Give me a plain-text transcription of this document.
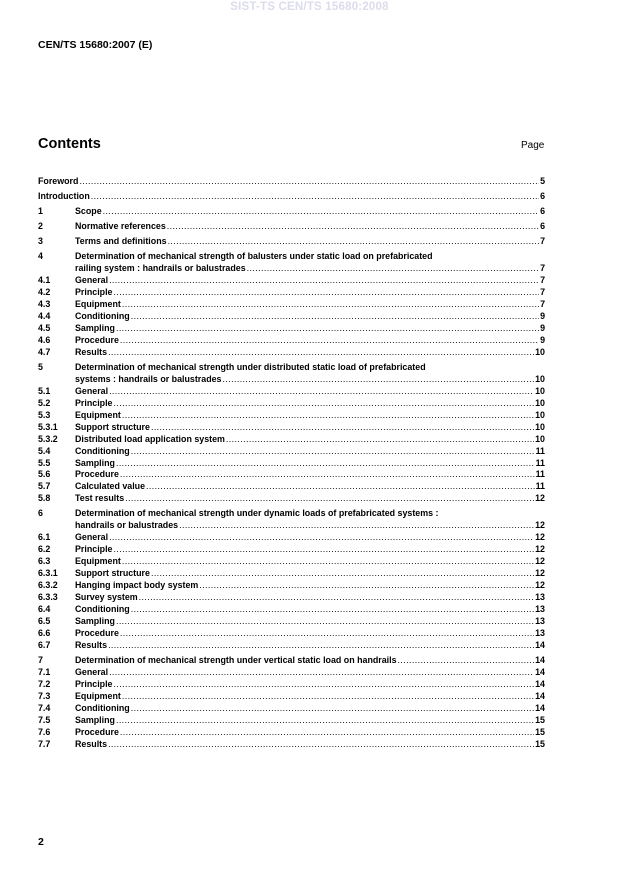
SIST-TS CEN/TS 15680:2008
CEN/TS 15680:2007 (E)
Contents	Page
Foreword .....	5
Introduction .....	6
1	Scope .....	6
2	Normative references .....	6
3	Terms and definitions .....	7
4	Determination of mechanical strength of balusters under static load on prefabricated
railing system : handrails or balustrades .....	7
4.1	General .....	7
4.2	Principle .....	7
4.3	Equipment .....	7
4.4	Conditioning .....	9
4.5	Sampling .....	9
4.6	Procedure .....	9
4.7	Results .....	10
5	Determination of mechanical strength under distributed static load of prefabricated
systems : handrails or balustrades .....	10
5.1	General .....	10
5.2	Principle .....	10
5.3	Equipment .....	10
5.3.1	Support structure .....	10
5.3.2	Distributed load application system .....	10
5.4	Conditioning .....	11
5.5	Sampling .....	11
5.6	Procedure .....	11
5.7	Calculated value .....	11
5.8	Test results .....	12
6	Determination of mechanical strength under dynamic loads of prefabricated systems :
handrails or balustrades .....	12
6.1	General .....	12
6.2	Principle .....	12
6.3	Equipment .....	12
6.3.1	Support structure .....	12
6.3.2	Hanging impact body system .....	12
6.3.3	Survey system .....	13
6.4	Conditioning .....	13
6.5	Sampling .....	13
6.6	Procedure .....	13
6.7	Results .....	14
7	Determination of mechanical strength under vertical static load on handrails .....	14
7.1	General .....	14
7.2	Principle .....	14
7.3	Equipment .....	14
7.4	Conditioning .....	14
7.5	Sampling .....	15
7.6	Procedure .....	15
7.7	Results .....	15
2
